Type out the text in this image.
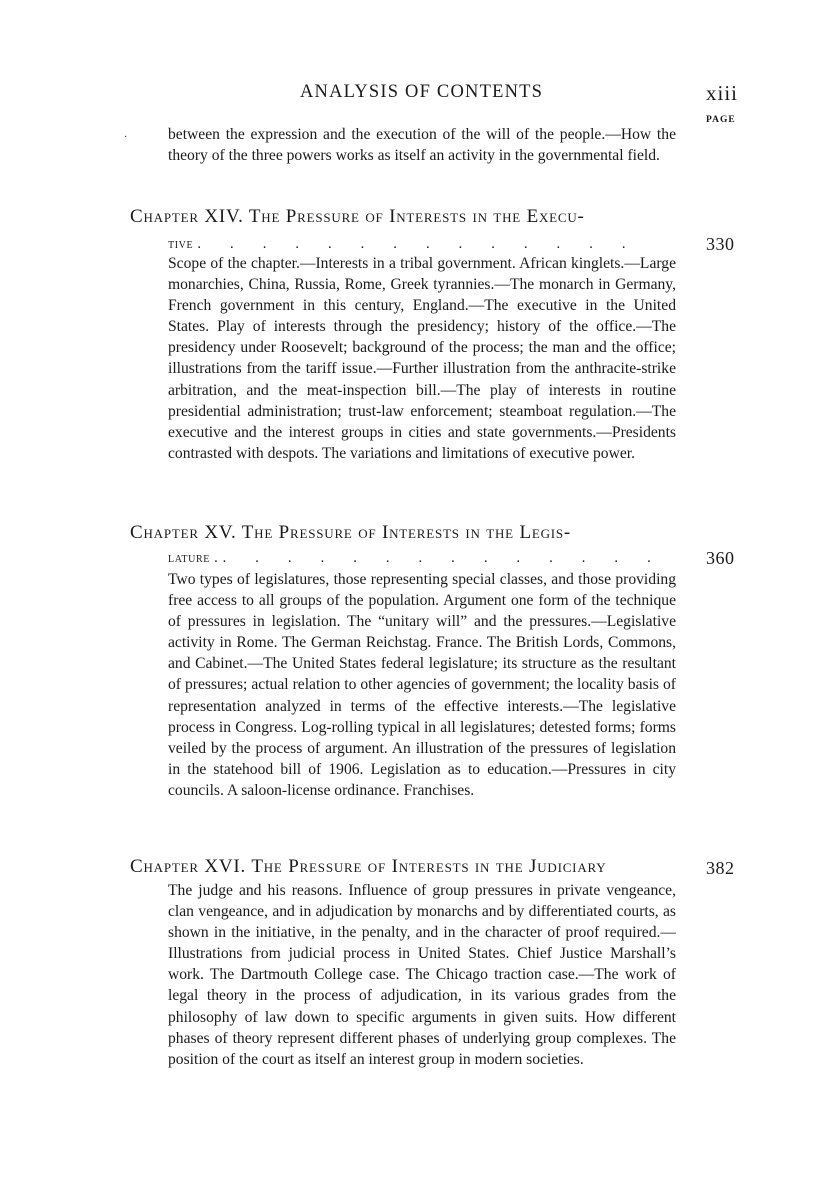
ANALYSIS OF CONTENTS	xiii
PAGE
·	between the expression and the execution of the will of the people.—How the theory of the three powers works as itself an activity in the governmental field.

Chapter XIV. The Pressure of Interests in the Execu-
tive . . . . . . . . . . . . . .	330

Scope of the chapter.—Interests in a tribal government. African kinglets.—Large monarchies, China, Russia, Rome, Greek tyrannies.—The monarch in Germany, French government in this century, England.—The executive in the United States. Play of interests through the presidency; history of the office.—The presidency under Roosevelt; background of the process; the man and the office; illustrations from the tariff issue.—Further illustration from the anthracite-strike arbitration, and the meat-inspection bill.—The play of interests in routine presidential administration; trust-law enforcement; steamboat regulation.—The executive and the interest groups in cities and state governments.—Presidents contrasted with despots. The variations and limitations of executive power.

Chapter XV. The Pressure of Interests in the Legis-
lature . . . . . . . . . . . . . . .	360

Two types of legislatures, those representing special classes, and those providing free access to all groups of the population. Argument one form of the technique of pressures in legislation. The “unitary will” and the pressures.—Legislative activity in Rome. The German Reichstag. France. The British Lords, Commons, and Cabinet.—The United States federal legislature; its structure as the resultant of pressures; actual relation to other agencies of government; the locality basis of representation analyzed in terms of the effective interests.—The legislative process in Congress. Log-rolling typical in all legislatures; detested forms; forms veiled by the process of argument. An illustration of the pressures of legislation in the statehood bill of 1906. Legislation as to education.—Pressures in city councils. A saloon-license ordinance. Franchises.

Chapter XVI. The Pressure of Interests in the Judiciary	382

The judge and his reasons. Influence of group pressures in private vengeance, clan vengeance, and in adjudication by monarchs and by differentiated courts, as shown in the initiative, in the penalty, and in the character of proof required.—Illustrations from judicial process in United States. Chief Justice Marshall’s work. The Dartmouth College case. The Chicago traction case.—The work of legal theory in the process of adjudication, in its various grades from the philosophy of law down to specific arguments in given suits. How different phases of theory represent different phases of underlying group complexes. The position of the court as itself an interest group in modern societies.
